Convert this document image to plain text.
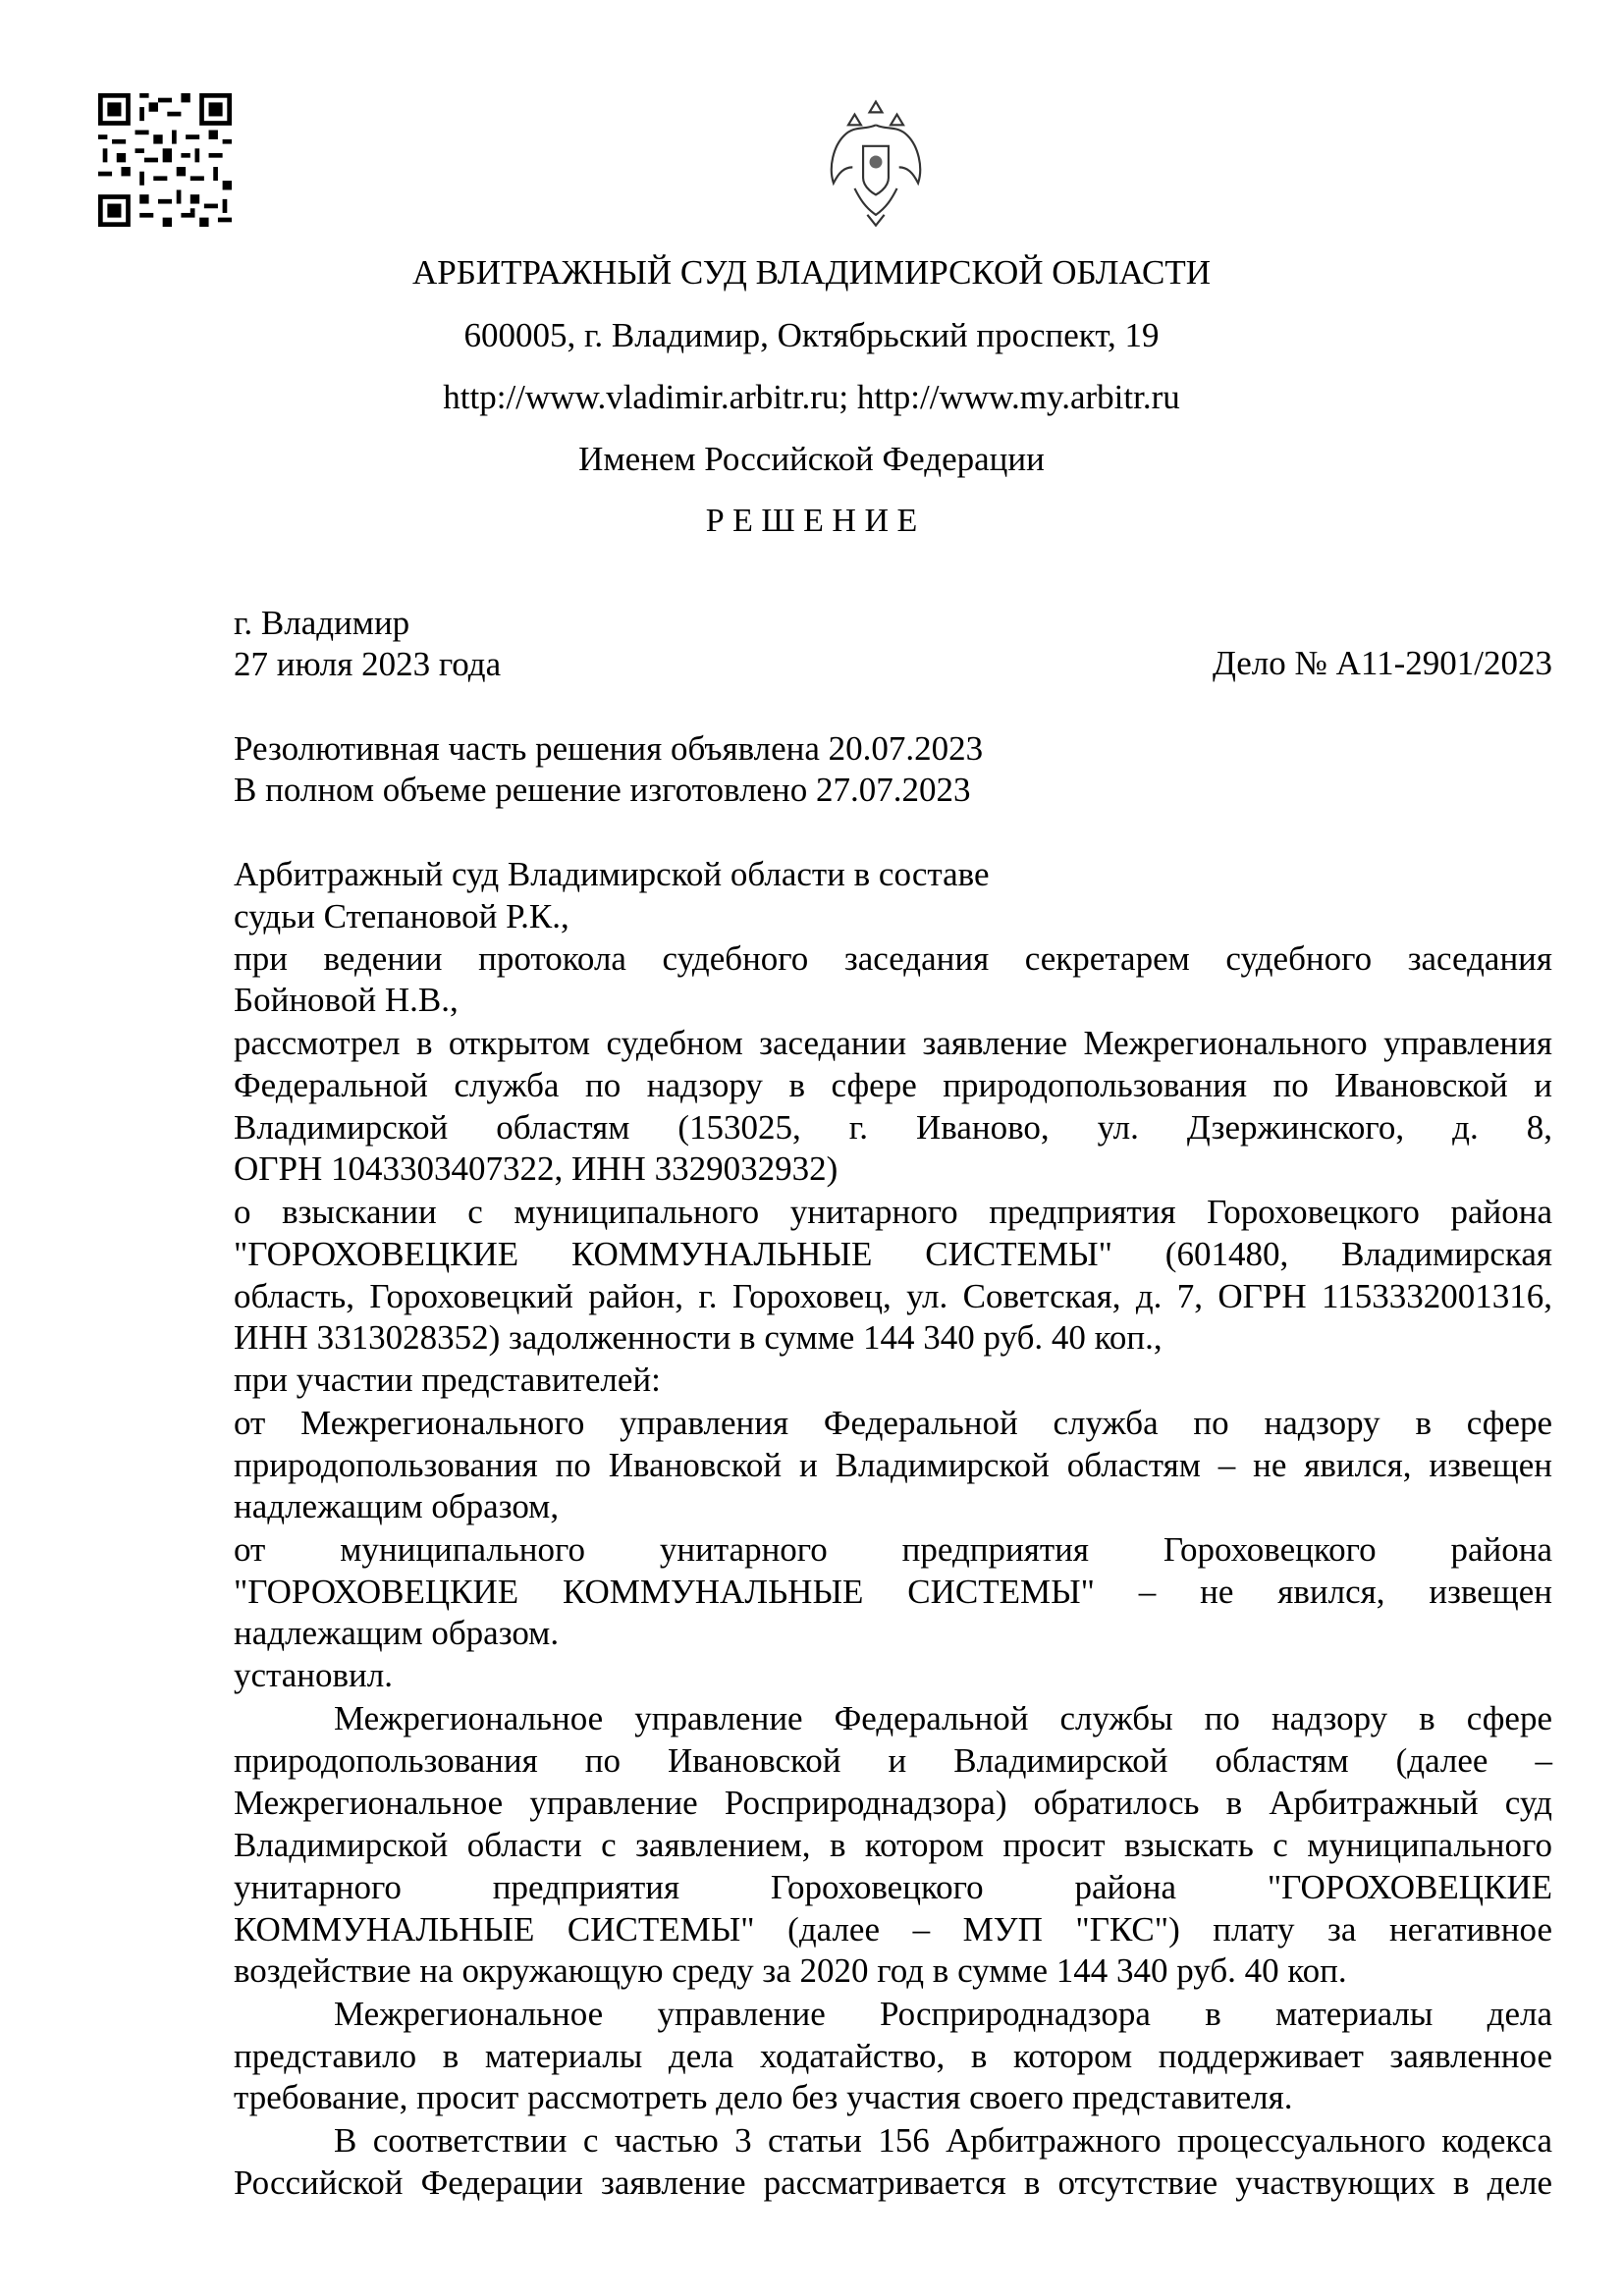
АРБИТРАЖНЫЙ СУД ВЛАДИМИРСКОЙ ОБЛАСТИ
600005, г. Владимир, Октябрьский проспект, 19
http://www.vladimir.arbitr.ru; http://www.my.arbitr.ru
Именем Российской Федерации
Р Е Ш Е Н И Е
г. Владимир
27 июля 2023 года	Дело № А11-2901/2023
Резолютивная часть решения объявлена 20.07.2023
В полном объеме решение изготовлено 27.07.2023
Арбитражный суд Владимирской области в составе
судьи Степановой Р.К.,
при ведении протокола судебного заседания секретарем судебного заседания
Бойновой Н.В.,
рассмотрел в открытом судебном заседании заявление Межрегионального управления
Федеральной служба по надзору в сфере природопользования по Ивановской и
Владимирской областям (153025, г. Иваново, ул. Дзержинского, д. 8,
ОГРН 1043303407322, ИНН 3329032932)
о взыскании с муниципального унитарного предприятия Гороховецкого района
"ГОРОХОВЕЦКИЕ КОММУНАЛЬНЫЕ СИСТЕМЫ" (601480, Владимирская
область, Гороховецкий район, г. Гороховец, ул. Советская, д. 7, ОГРН 1153332001316,
ИНН 3313028352) задолженности в сумме 144 340 руб. 40 коп.,
при участии представителей:
от Межрегионального управления Федеральной служба по надзору в сфере
природопользования по Ивановской и Владимирской областям – не явился, извещен
надлежащим образом,
от муниципального унитарного предприятия Гороховецкого района
"ГОРОХОВЕЦКИЕ КОММУНАЛЬНЫЕ СИСТЕМЫ" – не явился, извещен
надлежащим образом.
установил.
Межрегиональное управление Федеральной службы по надзору в сфере
природопользования по Ивановской и Владимирской областям (далее –
Межрегиональное управление Росприроднадзора) обратилось в Арбитражный суд
Владимирской области с заявлением, в котором просит взыскать с муниципального
унитарного предприятия Гороховецкого района "ГОРОХОВЕЦКИЕ
КОММУНАЛЬНЫЕ СИСТЕМЫ" (далее – МУП "ГКС") плату за негативное
воздействие на окружающую среду за 2020 год в сумме 144 340 руб. 40 коп.
Межрегиональное управление Росприроднадзора в материалы дела
представило в материалы дела ходатайство, в котором поддерживает заявленное
требование, просит рассмотреть дело без участия своего представителя.
В соответствии с частью 3 статьи 156 Арбитражного процессуального кодекса
Российской Федерации заявление рассматривается в отсутствие участвующих в деле
